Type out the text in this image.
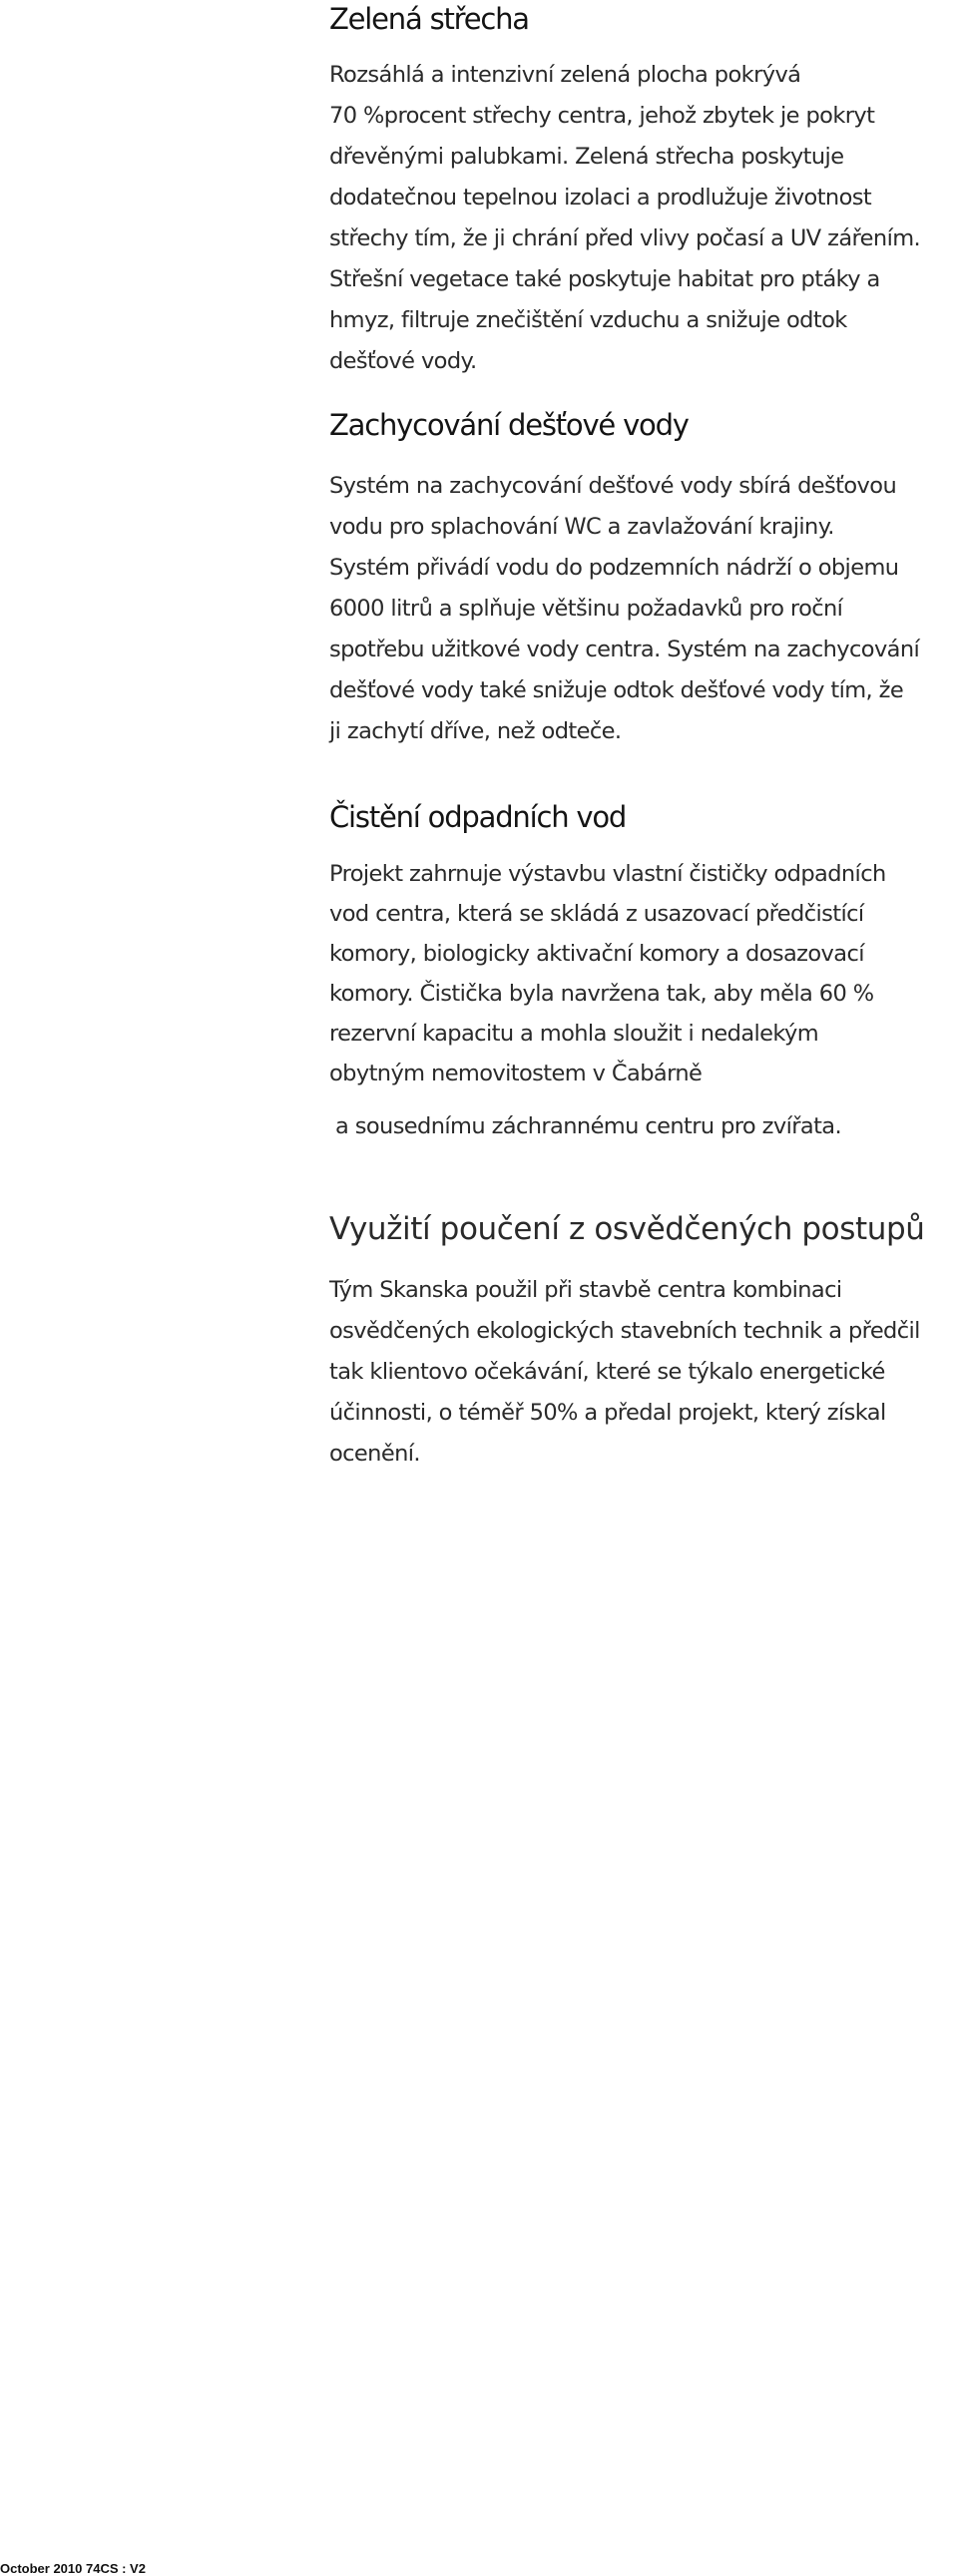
Zelená střecha

Rozsáhlá a intenzivní zelená plocha pokrývá
70 %procent střechy centra, jehož zbytek je pokryt
dřevěnými palubkami. Zelená střecha poskytuje
dodatečnou tepelnou izolaci a prodlužuje životnost
střechy tím, že ji chrání před vlivy počasí a UV zářením.
Střešní vegetace také poskytuje habitat pro ptáky a
hmyz, filtruje znečištění vzduchu a snižuje odtok
dešťové vody.

Zachycování dešťové vody

Systém na zachycování dešťové vody sbírá dešťovou
vodu pro splachování WC a zavlažování krajiny.
Systém přivádí vodu do podzemních nádrží o objemu
6000 litrů a splňuje většinu požadavků pro roční
spotřebu užitkové vody centra. Systém na zachycování
dešťové vody také snižuje odtok dešťové vody tím, že
ji zachytí dříve, než odteče.

Čistění odpadních vod

Projekt zahrnuje výstavbu vlastní čističky odpadních
vod centra, která se skládá z usazovací předčistící
komory, biologicky aktivační komory a dosazovací
komory. Čistička byla navržena tak, aby měla 60 %
rezervní kapacitu a mohla sloužit i nedalekým
obytným nemovitostem v Čabárně

a sousednímu záchrannému centru pro zvířata.

Využití poučení z osvědčených postupů

Tým Skanska použil při stavbě centra kombinaci
osvědčených ekologických stavebních technik a předčil
tak klientovo očekávání, které se týkalo energetické
účinnosti, o téměř 50% a předal projekt, který získal
ocenění.

October 2010 74CS : V2
